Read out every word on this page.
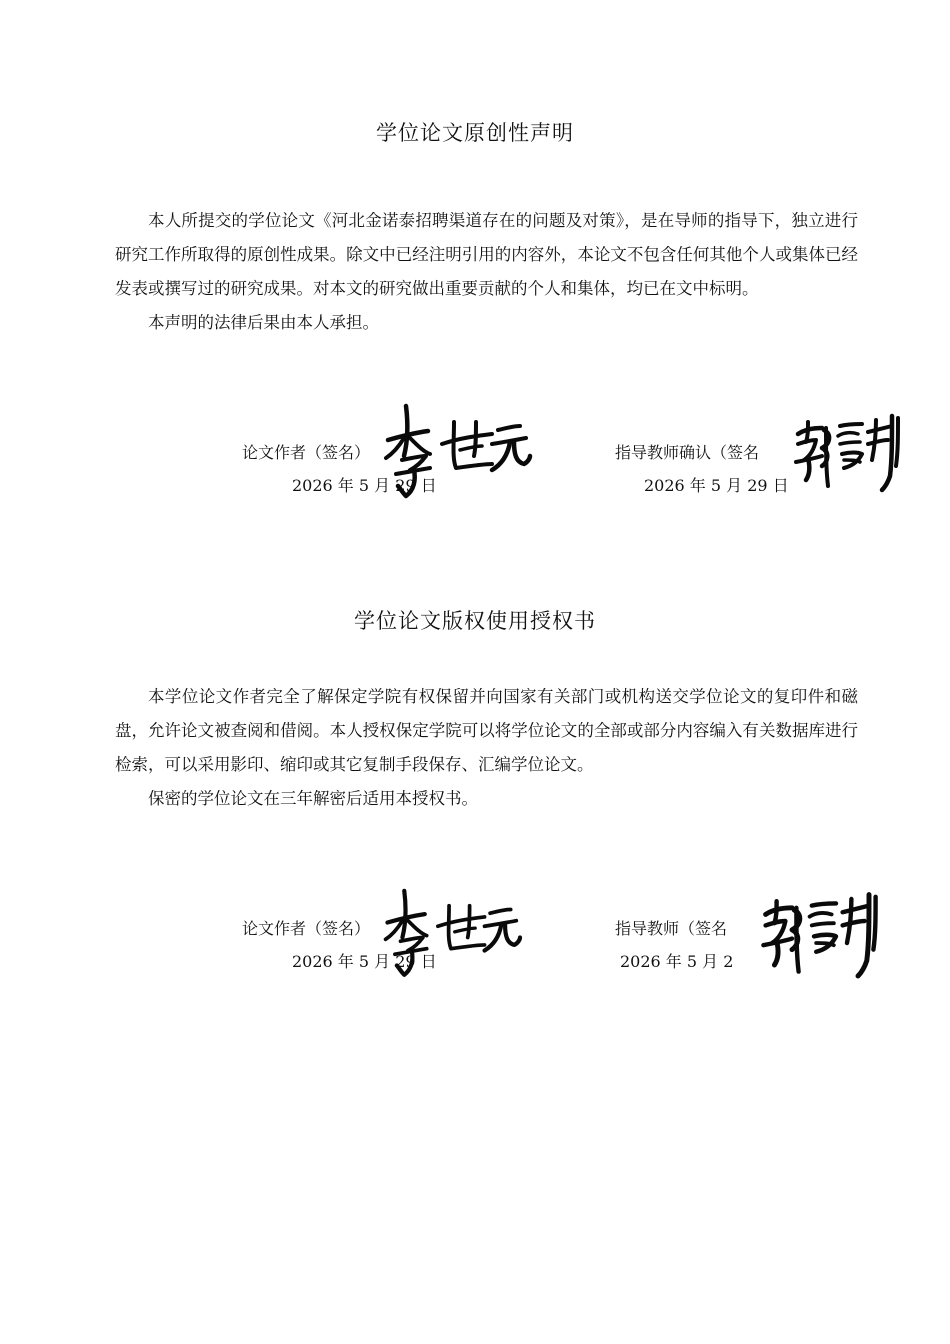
学位论文原创性声明

本人所提交的学位论文《河北金诺泰招聘渠道存在的问题及对策》，是在导师的指导下，独立进行研究工作所取得的原创性成果。除文中已经注明引用的内容外，本论文不包含任何其他个人或集体已经发表或撰写过的研究成果。对本文的研究做出重要贡献的个人和集体，均已在文中标明。

本声明的法律后果由本人承担。

论文作者（签名）
2026 年 5 月 29 日
指导教师确认（签名
2026 年 5 月 29 日
学位论文版权使用授权书

本学位论文作者完全了解保定学院有权保留并向国家有关部门或机构送交学位论文的复印件和磁盘，允许论文被查阅和借阅。本人授权保定学院可以将学位论文的全部或部分内容编入有关数据库进行检索，可以采用影印、缩印或其它复制手段保存、汇编学位论文。

保密的学位论文在三年解密后适用本授权书。

论文作者（签名）
2026 年 5 月 29 日
指导教师（签名
2026 年 5 月 2
